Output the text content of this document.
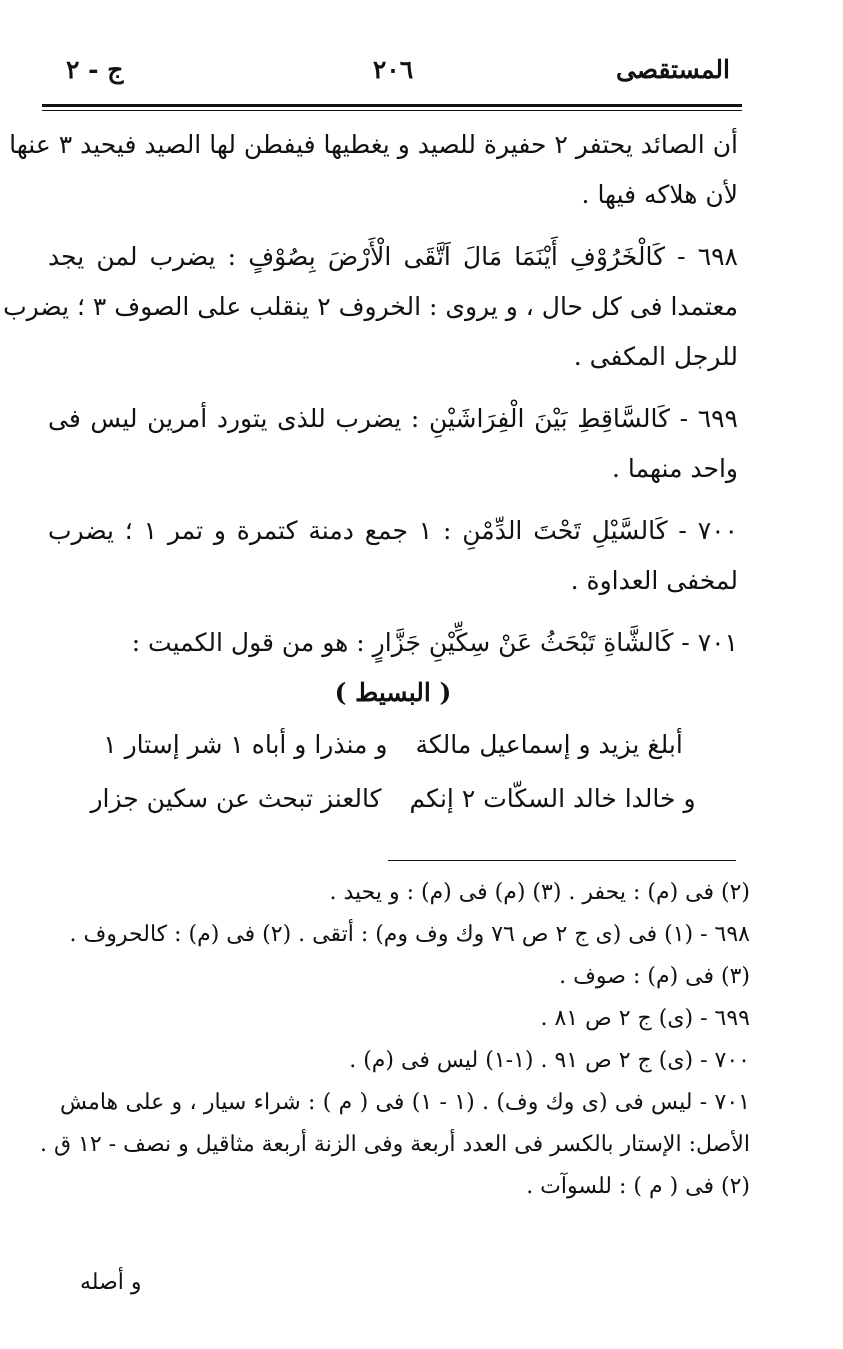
المستقصى
٢٠٦
ج - ٢
أن الصائد يحتفر ٢ حفيرة للصيد و يغطيها فيفطن لها الصيد فيحيد ٣ عنها
لأن هلاكه فيها .
٦٩٨ - كَالْخَرُوْفِ أَيْنَمَا مَالَ اَتَّقَى الْأَرْضَ بِصُوْفٍ : يضرب لمن يجد
معتمدا فى كل حال ، و يروى : الخروف ٢ ينقلب على الصوف ٣ ؛ يضرب
للرجل المكفى .
٦٩٩ - كَالسَّاقِطِ بَيْنَ الْفِرَاشَيْنِ : يضرب للذى يتورد أمرين ليس فى
واحد منهما .
٧٠٠ - كَالسَّيْلِ تَحْتَ الدِّمْنِ : ١ جمع دمنة كتمرة و تمر ١ ؛ يضرب
لمخفى العداوة .
٧٠١ - كَالشَّاةِ تَبْحَثُ عَنْ سِكِّيْنِ جَزَّارٍ : هو من قول الكميت :
( البسيط )
أبلغ يزيد و إسماعيل مالكة
و منذرا و أباه ١ شر إستار ١
و خالدا خالد السكّات ٢ إنكم
كالعنز تبحث عن سكين جزار
(٢) فى (م) : يحفر . (٣) (م) فى (م) : و يحيد .
٦٩٨ - (١) فى (ى ج ٢ ص ٧٦ وك وف وم) : أتقى . (٢) فى (م) : كالحروف .
(٣) فى (م) : صوف .
٦٩٩ - (ى) ج ٢ ص ٨١ .
٧٠٠ - (ى) ج ٢ ص ٩١ . (١-١) ليس فى (م) .
٧٠١ - ليس فى (ى وك وف) . (١ - ١) فى ( م ) : شراء سيار ، و على هامش
الأصل: الإستار بالكسر فى العدد أربعة وفى الزنة أربعة مثاقيل و نصف - ١٢ ق .
(٢) فى ( م ) : للسوآت .
و أصله
